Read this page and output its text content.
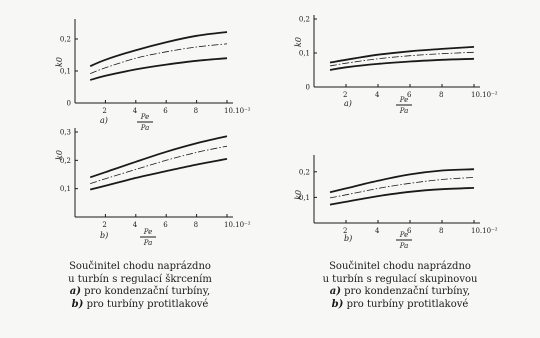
2	4	6	8	10.10⁻²
0
0,1
0,2
k0
a)	Pe
Pa
2	4	6	8	10.10⁻²
0
0,1
0,2
k0
a)	Pe
Pa
2	4	6	8	10.10⁻²
0,1
0,2
0,3
k0
b)	Pe
Pa
2	4	6	8	10.10⁻²
0,1
0,2
k0
b)	Pe
Pa
Součinitel chodu naprázdno
u turbín s regulací škrcením
a) pro kondenzační turbíny,
b) pro turbíny protitlakové
Součinitel chodu naprázdno
u turbín s regulací skupinovou
a) pro kondenzační turbíny,
b) pro turbíny protitlakové
